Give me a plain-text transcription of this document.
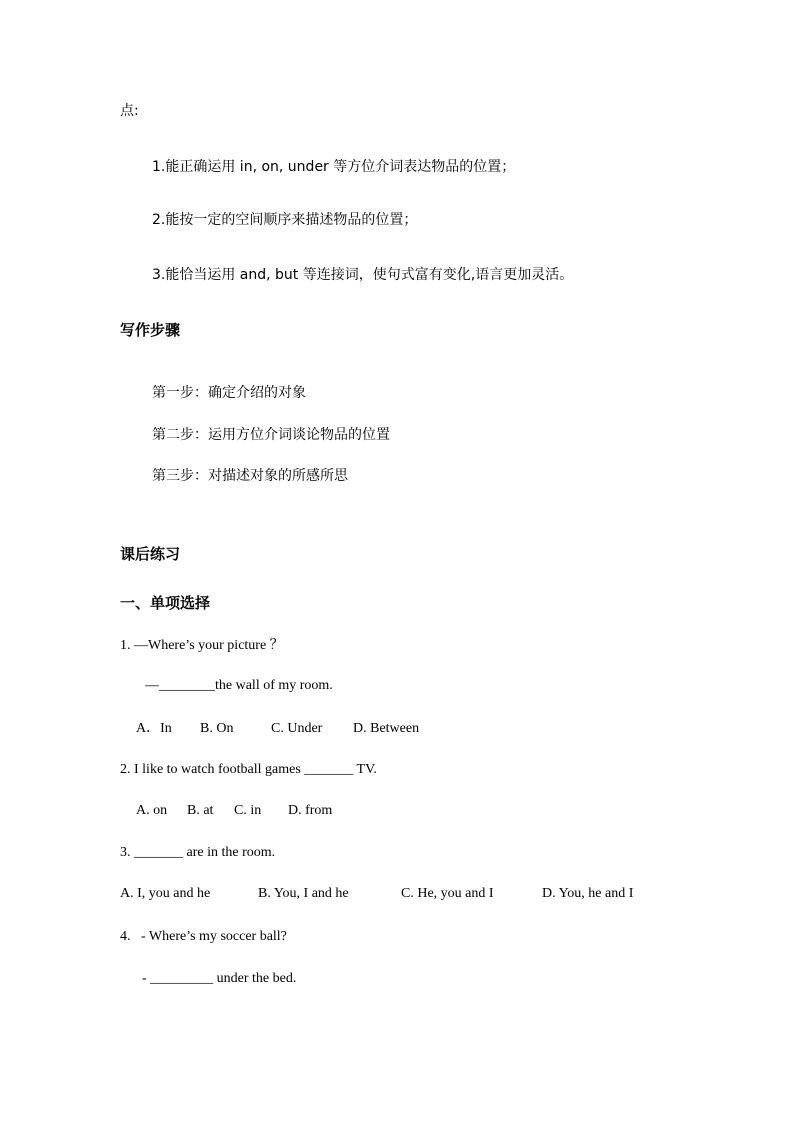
点:
1.能正确运用 in, on, under 等方位介词表达物品的位置；
2.能按一定的空间顺序来描述物品的位置；
3.能恰当运用 and, but 等连接词，使句式富有变化,语言更加灵活。
写作步骤
第一步：确定介绍的对象
第二步：运用方位介词谈论物品的位置
第三步：对描述对象的所感所思
课后练习
一、单项选择
1. —Where’s your picture ？
—________the wall of my room.
A．In B. On	C. Under D. Between
2. I like to watch football games _______ TV.
A. on B. at C. in D. from
3. _______ are in the room.
A. I, you and he	B. You, I and he	C. He, you and I	D. You, he and I
4.   - Where’s my soccer ball?
- _________ under the bed.
